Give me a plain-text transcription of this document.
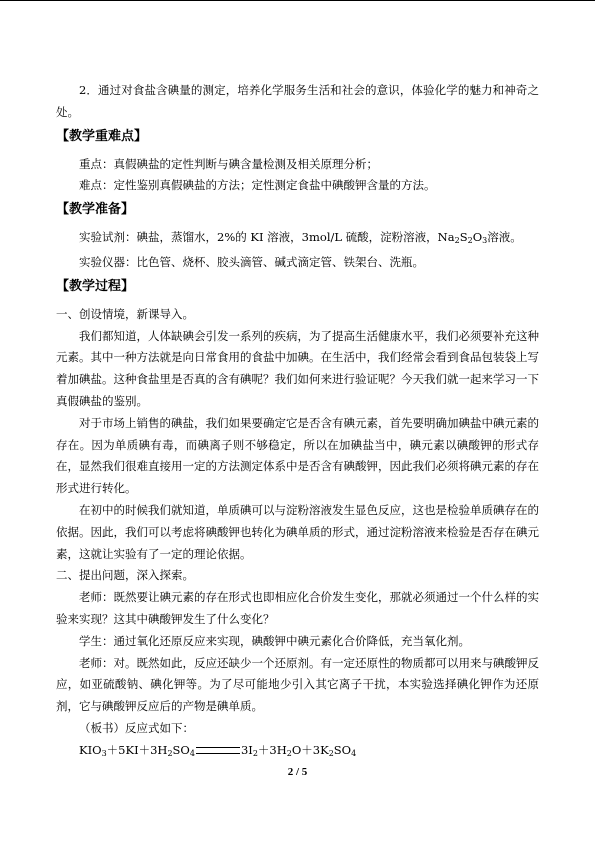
2．通过对食盐含碘量的测定，培养化学服务生活和社会的意识，体验化学的魅力和神奇之处。

【教学重难点】

重点：真假碘盐的定性判断与碘含量检测及相关原理分析；

难点：定性鉴别真假碘盐的方法；定性测定食盐中碘酸钾含量的方法。

【教学准备】

实验试剂：碘盐，蒸馏水，2%的 KI 溶液，3mol/L 硫酸，淀粉溶液，$Na_2S_2O_3$溶液。

实验仪器：比色管、烧杯、胶头滴管、碱式滴定管、铁架台、洗瓶。

【教学过程】

一、创设情境，新课导入。

我们都知道，人体缺碘会引发一系列的疾病，为了提高生活健康水平，我们必须要补充这种元素。其中一种方法就是向日常食用的食盐中加碘。在生活中，我们经常会看到食品包装袋上写着加碘盐。这种食盐里是否真的含有碘呢？我们如何来进行验证呢？今天我们就一起来学习一下真假碘盐的鉴别。

对于市场上销售的碘盐，我们如果要确定它是否含有碘元素，首先要明确加碘盐中碘元素的存在。因为单质碘有毒，而碘离子则不够稳定，所以在加碘盐当中，碘元素以碘酸钾的形式存在，显然我们很难直接用一定的方法测定体系中是否含有碘酸钾，因此我们必须将碘元素的存在形式进行转化。

在初中的时候我们就知道，单质碘可以与淀粉溶液发生显色反应，这也是检验单质碘存在的依据。因此，我们可以考虑将碘酸钾也转化为碘单质的形式，通过淀粉溶液来检验是否存在碘元素，这就让实验有了一定的理论依据。

二、提出问题，深入探索。

老师：既然要让碘元素的存在形式也即相应化合价发生变化，那就必须通过一个什么样的实验来实现？这其中碘酸钾发生了什么变化？

学生：通过氧化还原反应来实现，碘酸钾中碘元素化合价降低，充当氧化剂。

老师：对。既然如此，反应还缺少一个还原剂。有一定还原性的物质都可以用来与碘酸钾反应，如亚硫酸钠、碘化钾等。为了尽可能地少引入其它离子干扰，本实验选择碘化钾作为还原剂，它与碘酸钾反应后的产物是碘单质。

（板书）反应式如下：

$KIO_3+5KI+3H_2SO_4$	$3I_2+3H_2O+3K_2SO_4$

2 / 5
